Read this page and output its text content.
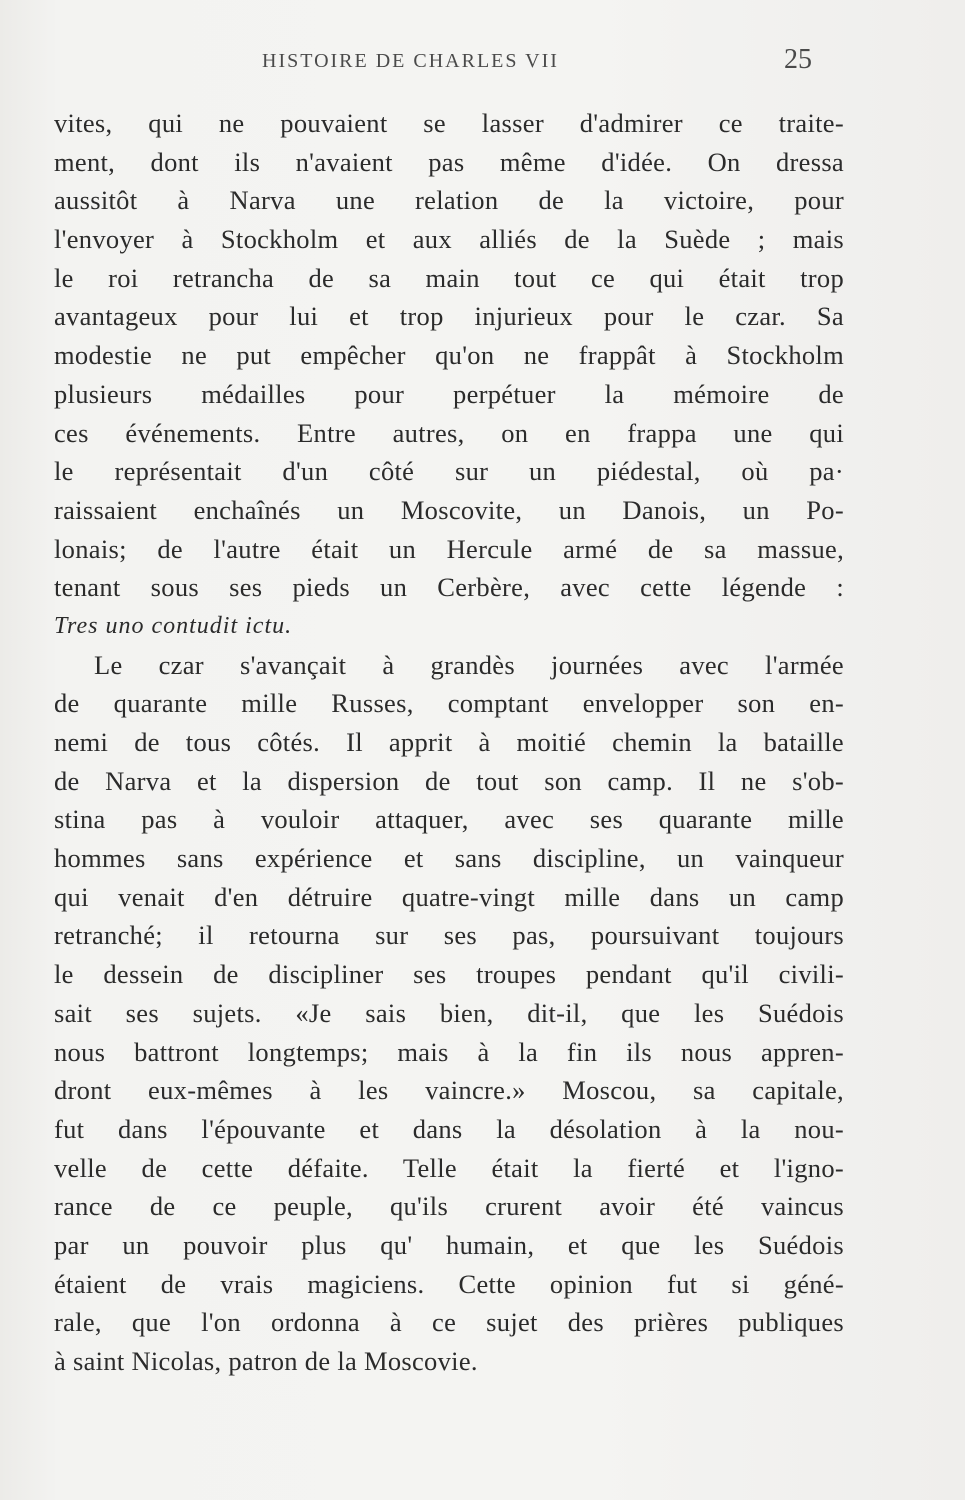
HISTOIRE DE CHARLES VII	25
vites, qui ne pouvaient se lasser d'admirer ce traite-
ment, dont ils n'avaient pas même d'idée. On dressa
aussitôt à Narva une relation de la victoire, pour
l'envoyer à Stockholm et aux alliés de la Suède ; mais
le roi retrancha de sa main tout ce qui était trop
avantageux pour lui et trop injurieux pour le czar. Sa
modestie ne put empêcher qu'on ne frappât à Stockholm
plusieurs médailles pour perpétuer la mémoire de
ces événements. Entre autres, on en frappa une qui
le représentait d'un côté sur un piédestal, où pa·
raissaient enchaînés un Moscovite, un Danois, un Po-
lonais; de l'autre était un Hercule armé de sa massue,
tenant sous ses pieds un Cerbère, avec cette légende :
Tres uno contudit ictu.
Le czar s'avançait à grandès journées avec l'armée
de quarante mille Russes, comptant envelopper son en-
nemi de tous côtés. Il apprit à moitié chemin la bataille
de Narva et la dispersion de tout son camp. Il ne s'ob-
stina pas à vouloir attaquer, avec ses quarante mille
hommes sans expérience et sans discipline, un vainqueur
qui venait d'en détruire quatre-vingt mille dans un camp
retranché; il retourna sur ses pas, poursuivant toujours
le dessein de discipliner ses troupes pendant qu'il civili-
sait ses sujets. «Je sais bien, dit-il, que les Suédois
nous battront longtemps; mais à la fin ils nous appren-
dront eux-mêmes à les vaincre.» Moscou, sa capitale,
fut dans l'épouvante et dans la désolation à la nou-
velle de cette défaite. Telle était la fierté et l'igno-
rance de ce peuple, qu'ils crurent avoir été vaincus
par un pouvoir plus qu' humain, et que les Suédois
étaient de vrais magiciens. Cette opinion fut si géné-
rale, que l'on ordonna à ce sujet des prières publiques
à saint Nicolas, patron de la Moscovie.
